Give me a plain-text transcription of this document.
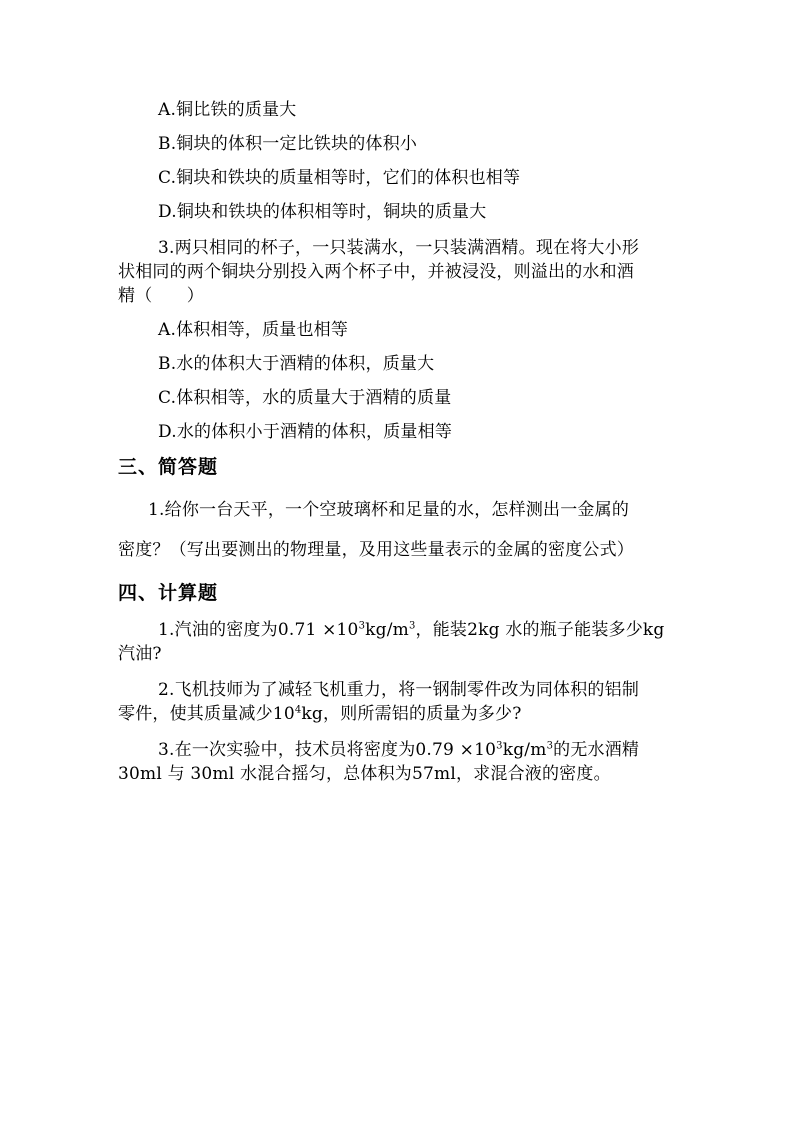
A.铜比铁的质量大
B.铜块的体积一定比铁块的体积小
C.铜块和铁块的质量相等时，它们的体积也相等
D.铜块和铁块的体积相等时，铜块的质量大
3.两只相同的杯子，一只装满水，一只装满酒精。现在将大小形
状相同的两个铜块分别投入两个杯子中，并被浸没，则溢出的水和酒
精（　　）
A.体积相等，质量也相等
B.水的体积大于酒精的体积，质量大
C.体积相等，水的质量大于酒精的质量
D.水的体积小于酒精的体积，质量相等
三、简答题
1.给你一台天平，一个空玻璃杯和足量的水，怎样测出一金属的
密度？（写出要测出的物理量，及用这些量表示的金属的密度公式）
四、计算题
1.汽油的密度为$0.71 \times 10^3kg/m^3$，能装2kg 水的瓶子能装多少kg
汽油?
2.飞机技师为了减轻飞机重力，将一钢制零件改为同体积的铝制
零件，使其质量减少$10^4kg$，则所需铝的质量为多少?
3.在一次实验中，技术员将密度为$0.79 \times 10^3kg/m^3$的无水酒精
30ml 与 30ml 水混合摇匀，总体积为57ml，求混合液的密度。
